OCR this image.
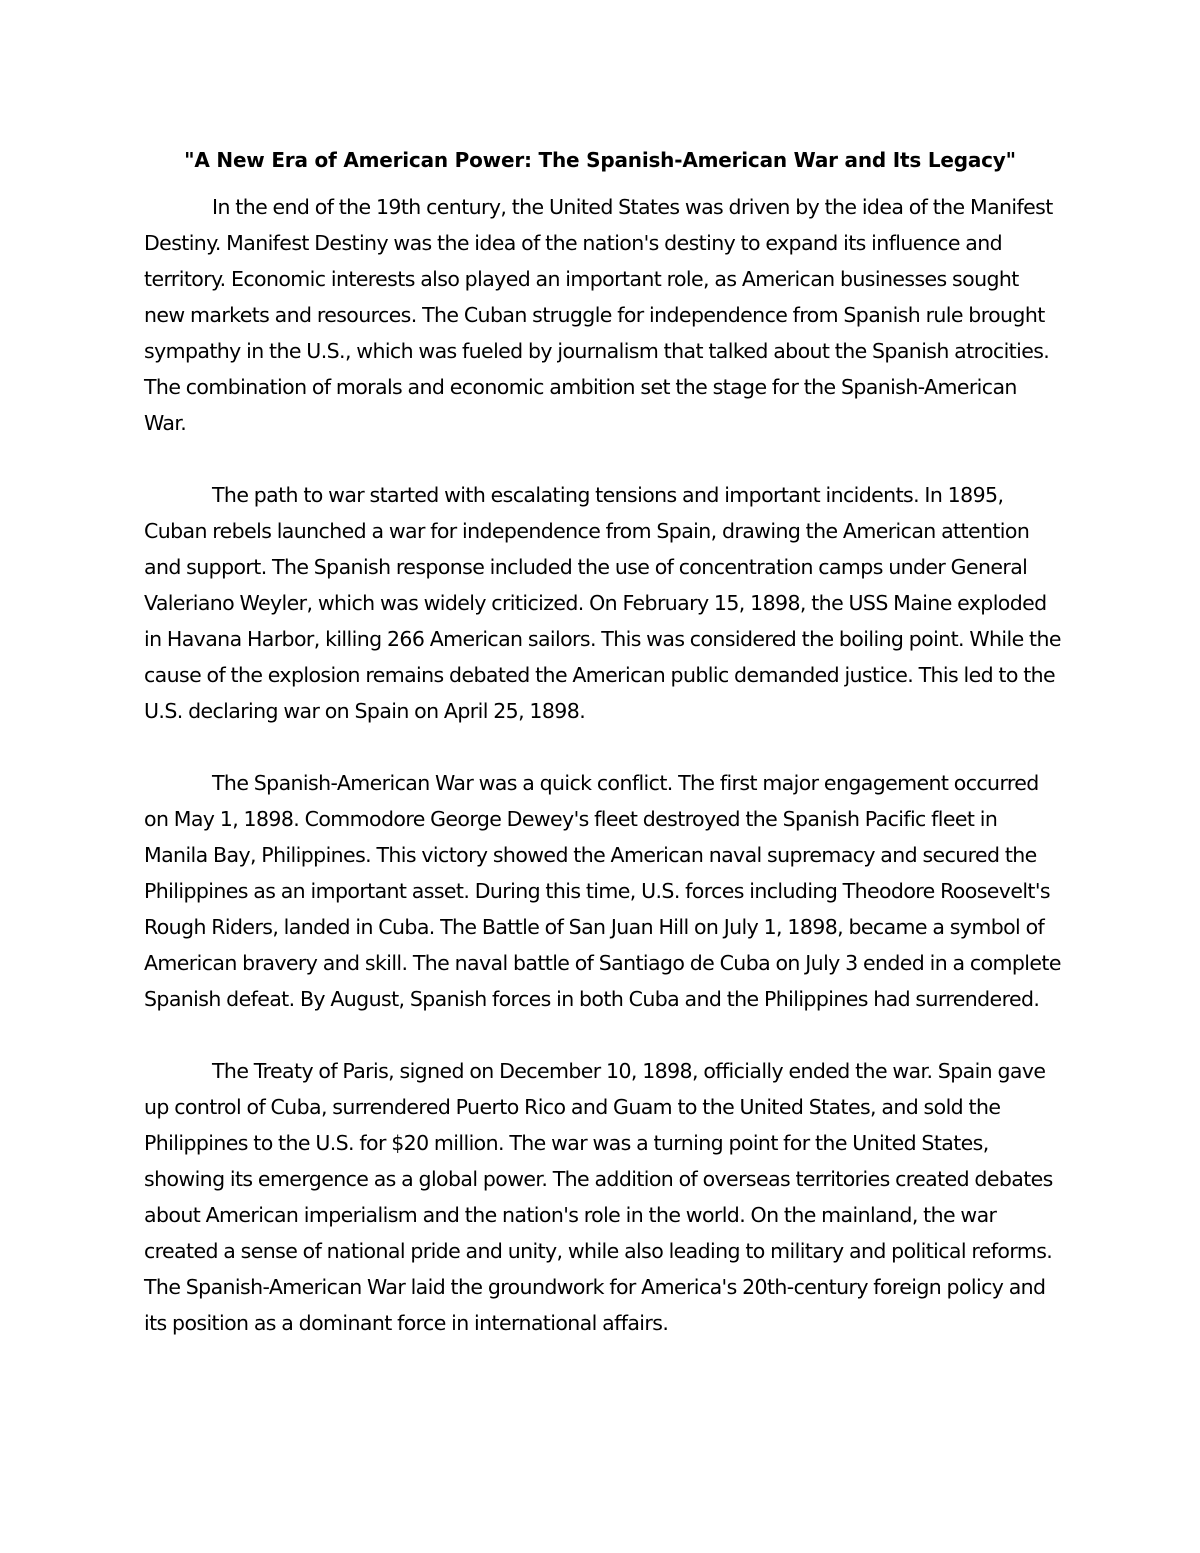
"A New Era of American Power: The Spanish-American War and Its Legacy"

In the end of the 19th century, the United States was driven by the idea of the Manifest Destiny. Manifest Destiny was the idea of the nation's destiny to expand its influence and territory. Economic interests also played an important role, as American businesses sought new markets and resources. The Cuban struggle for independence from Spanish rule brought sympathy in the U.S., which was fueled by journalism that talked about the Spanish atrocities. The combination of morals and economic ambition set the stage for the Spanish-American War.

The path to war started with escalating tensions and important incidents. In 1895, Cuban rebels launched a war for independence from Spain, drawing the American attention and support. The Spanish response included the use of concentration camps under General Valeriano Weyler, which was widely criticized. On February 15, 1898, the USS Maine exploded in Havana Harbor, killing 266 American sailors. This was considered the boiling point. While the cause of the explosion remains debated the American public demanded justice. This led to the U.S. declaring war on Spain on April 25, 1898.

The Spanish-American War was a quick conflict. The first major engagement occurred on May 1, 1898. Commodore George Dewey's fleet destroyed the Spanish Pacific fleet in Manila Bay, Philippines. This victory showed the American naval supremacy and secured the Philippines as an important asset. During this time, U.S. forces including Theodore Roosevelt's Rough Riders, landed in Cuba. The Battle of San Juan Hill on July 1, 1898, became a symbol of American bravery and skill. The naval battle of Santiago de Cuba on July 3 ended in a complete Spanish defeat. By August, Spanish forces in both Cuba and the Philippines had surrendered.

The Treaty of Paris, signed on December 10, 1898, officially ended the war. Spain gave up control of Cuba, surrendered Puerto Rico and Guam to the United States, and sold the Philippines to the U.S. for $20 million. The war was a turning point for the United States, showing its emergence as a global power. The addition of overseas territories created debates about American imperialism and the nation's role in the world. On the mainland, the war created a sense of national pride and unity, while also leading to military and political reforms. The Spanish-American War laid the groundwork for America's 20th-century foreign policy and its position as a dominant force in international affairs.
